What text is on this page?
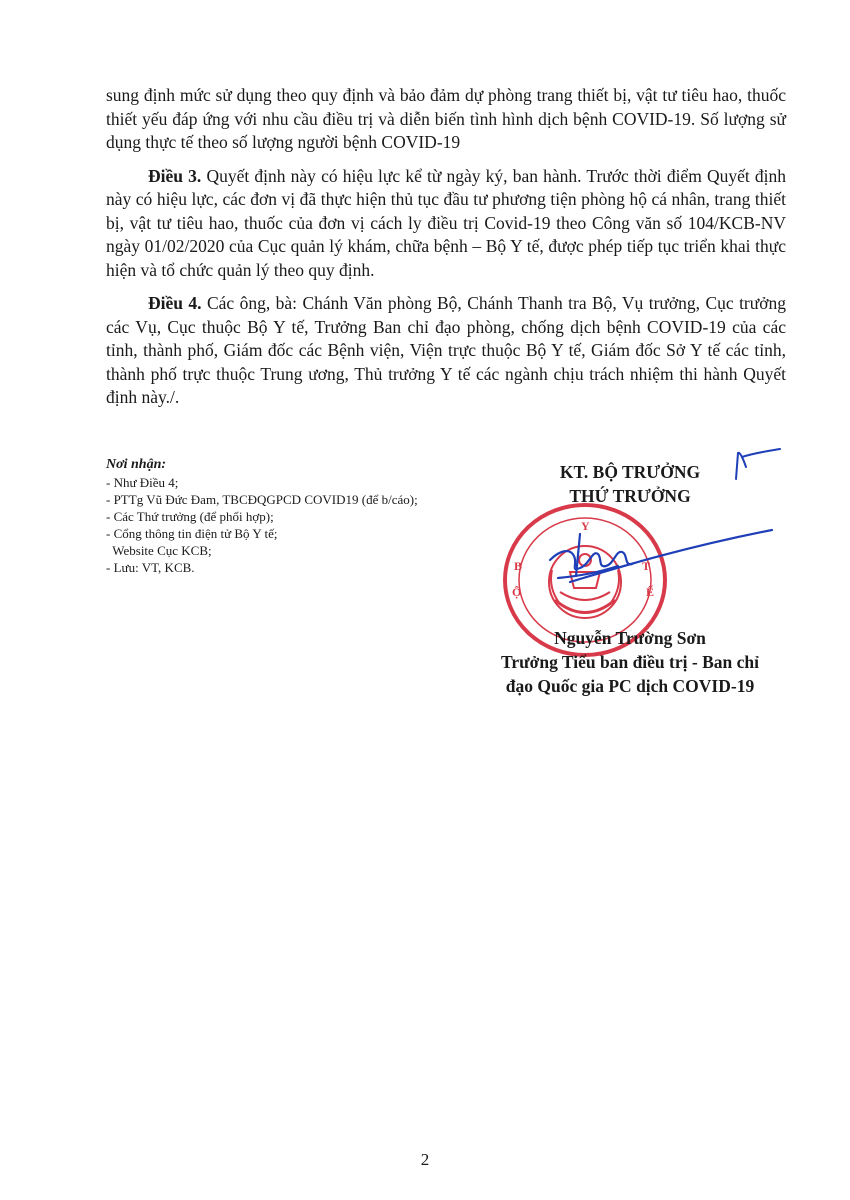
sung định mức sử dụng theo quy định và bảo đảm dự phòng trang thiết bị, vật tư tiêu hao, thuốc thiết yếu đáp ứng với nhu cầu điều trị và diễn biến tình hình dịch bệnh COVID-19. Số lượng sử dụng thực tế theo số lượng người bệnh COVID-19

Điều 3. Quyết định này có hiệu lực kể từ ngày ký, ban hành. Trước thời điểm Quyết định này có hiệu lực, các đơn vị đã thực hiện thủ tục đầu tư phương tiện phòng hộ cá nhân, trang thiết bị, vật tư tiêu hao, thuốc của đơn vị cách ly điều trị Covid-19 theo Công văn số 104/KCB-NV ngày 01/02/2020 của Cục quản lý khám, chữa bệnh – Bộ Y tế, được phép tiếp tục triển khai thực hiện và tổ chức quản lý theo quy định.

Điều 4. Các ông, bà: Chánh Văn phòng Bộ, Chánh Thanh tra Bộ, Vụ trưởng, Cục trưởng các Vụ, Cục thuộc Bộ Y tế, Trưởng Ban chỉ đạo phòng, chống dịch bệnh COVID-19 của các tỉnh, thành phố, Giám đốc các Bệnh viện, Viện trực thuộc Bộ Y tế, Giám đốc Sở Y tế các tỉnh, thành phố trực thuộc Trung ương, Thủ trưởng Y tế các ngành chịu trách nhiệm thi hành Quyết định này./.

Nơi nhận:
- Như Điều 4;
- PTTg Vũ Đức Đam, TBCĐQGPCD COVID19 (để b/cáo);
- Các Thứ trưởng (để phối hợp);
- Cổng thông tin điện tử Bộ Y tế;
Website Cục KCB;
- Lưu: VT, KCB.
Y
T
Ế
B
Ộ
KT. BỘ TRƯỞNG
THỨ TRƯỞNG
Nguyễn Trường Sơn
Trưởng Tiểu ban điều trị - Ban chỉ
đạo Quốc gia PC dịch COVID-19
2
